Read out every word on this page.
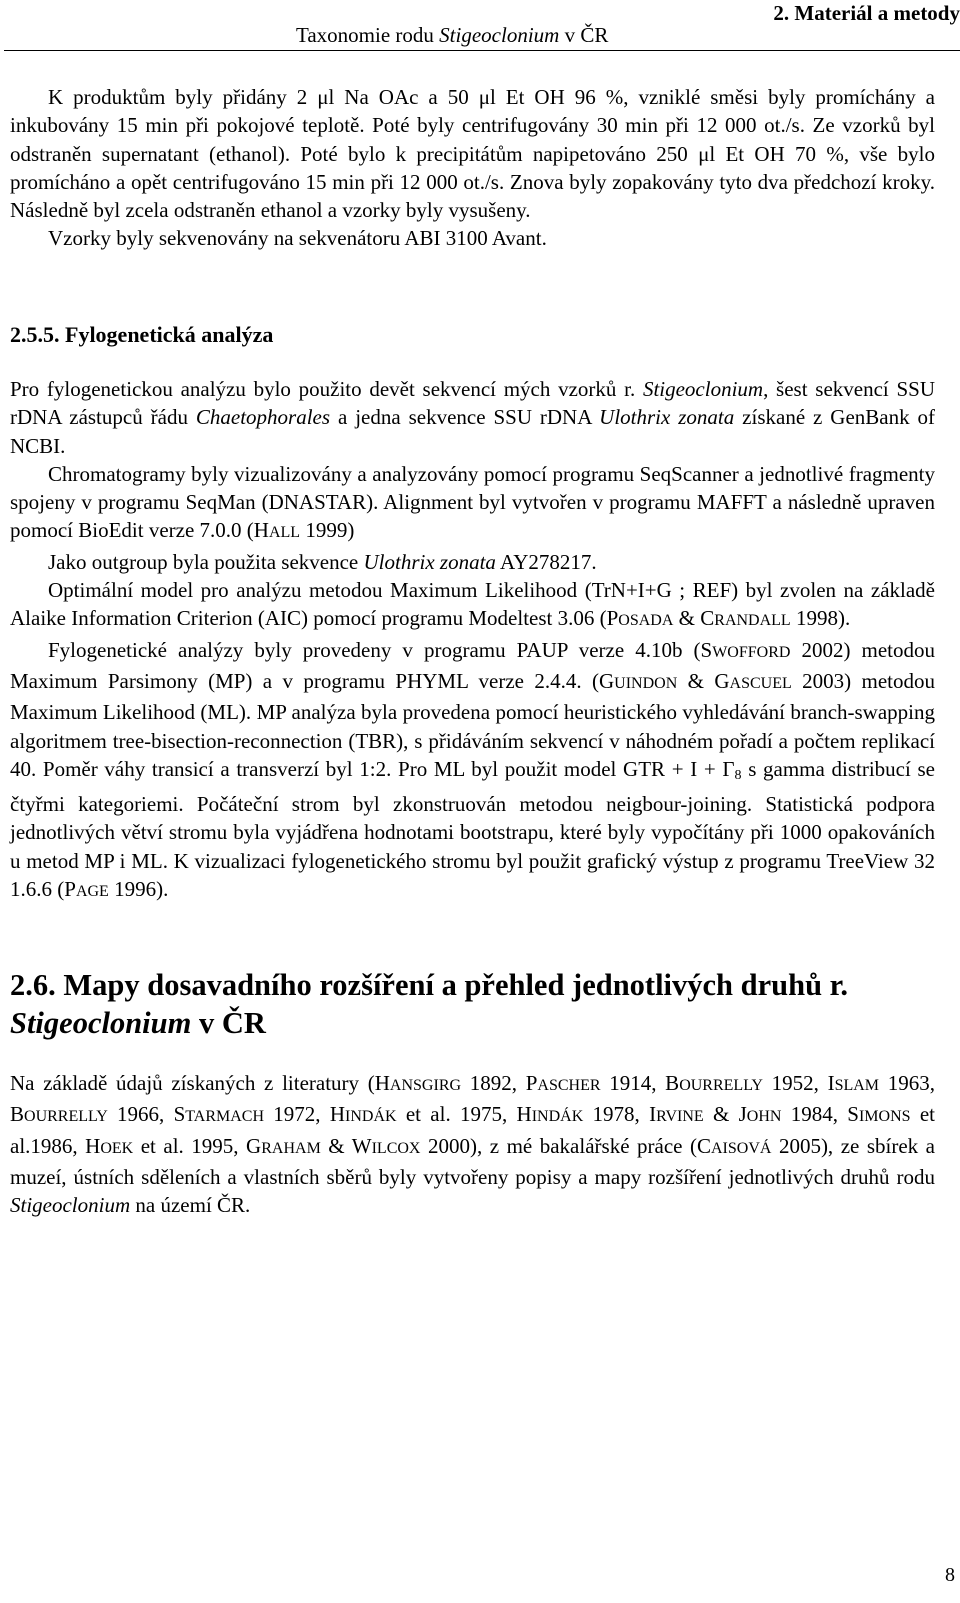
Taxonomie rodu Stigeoclonium v ČR
2. Materiál a metody

K produktům byly přidány 2 μl Na OAc a 50 μl Et OH 96 %, vzniklé směsi byly promíchány a inkubovány 15 min při pokojové teplotě. Poté byly centrifugovány 30 min při 12 000 ot./s. Ze vzorků byl odstraněn supernatant (ethanol). Poté bylo k precipitátům napipetováno 250 μl Et OH 70 %, vše bylo promícháno a opět centrifugováno 15 min při 12 000 ot./s. Znova byly zopakovány tyto dva předchozí kroky. Následně byl zcela odstraněn ethanol a vzorky byly vysušeny.

Vzorky byly sekvenovány na sekvenátoru ABI 3100 Avant.

2.5.5. Fylogenetická analýza

Pro fylogenetickou analýzu bylo použito devět sekvencí mých vzorků r. Stigeoclonium, šest sekvencí SSU rDNA zástupců řádu Chaetophorales a jedna sekvence SSU rDNA Ulothrix zonata získané z GenBank of NCBI.

Chromatogramy byly vizualizovány a analyzovány pomocí programu SeqScanner a jednotlivé fragmenty spojeny v programu SeqMan (DNASTAR). Alignment byl vytvořen v programu MAFFT a následně upraven pomocí BioEdit verze 7.0.0 (HALL 1999)

Jako outgroup byla použita sekvence Ulothrix zonata AY278217.

Optimální model pro analýzu metodou Maximum Likelihood (TrN+I+G ; REF) byl zvolen na základě Alaike Information Criterion (AIC) pomocí programu Modeltest 3.06 (POSADA & CRANDALL 1998).

Fylogenetické analýzy byly provedeny v programu PAUP verze 4.10b (SWOFFORD 2002) metodou Maximum Parsimony (MP) a v programu PHYML verze 2.4.4. (GUINDON & GASCUEL 2003) metodou Maximum Likelihood (ML). MP analýza byla provedena pomocí heuristického vyhledávání branch-swapping algoritmem tree-bisection-reconnection (TBR), s přidáváním sekvencí v náhodném pořadí a počtem replikací 40. Poměr váhy transicí a transverzí byl 1:2. Pro ML byl použit model GTR + $I + \Gamma_8$ s gamma distribucí se čtyřmi kategoriemi. Počáteční strom byl zkonstruován metodou neigbour-joining. Statistická podpora jednotlivých větví stromu byla vyjádřena hodnotami bootstrapu, které byly vypočítány při 1000 opakováních u metod MP i ML. K vizualizaci fylogenetického stromu byl použit grafický výstup z programu TreeView 32 1.6.6 (PAGE 1996).

2.6. Mapy dosavadního rozšíření a přehled jednotlivých druhů r. Stigeoclonium v ČR

Na základě údajů získaných z literatury (HANSGIRG 1892, PASCHER 1914, BOURRELLY 1952, ISLAM 1963, BOURRELLY 1966, STARMACH 1972, HINDÁK et al. 1975, HINDÁK 1978, IRVINE & JOHN 1984, SIMONS et al.1986, HOEK et al. 1995, GRAHAM & WILCOX 2000), z mé bakalářské práce (CAISOVÁ 2005), ze sbírek a muzeí, ústních sděleních a vlastních sběrů byly vytvořeny popisy a mapy rozšíření jednotlivých druhů rodu Stigeoclonium na území ČR.

8
